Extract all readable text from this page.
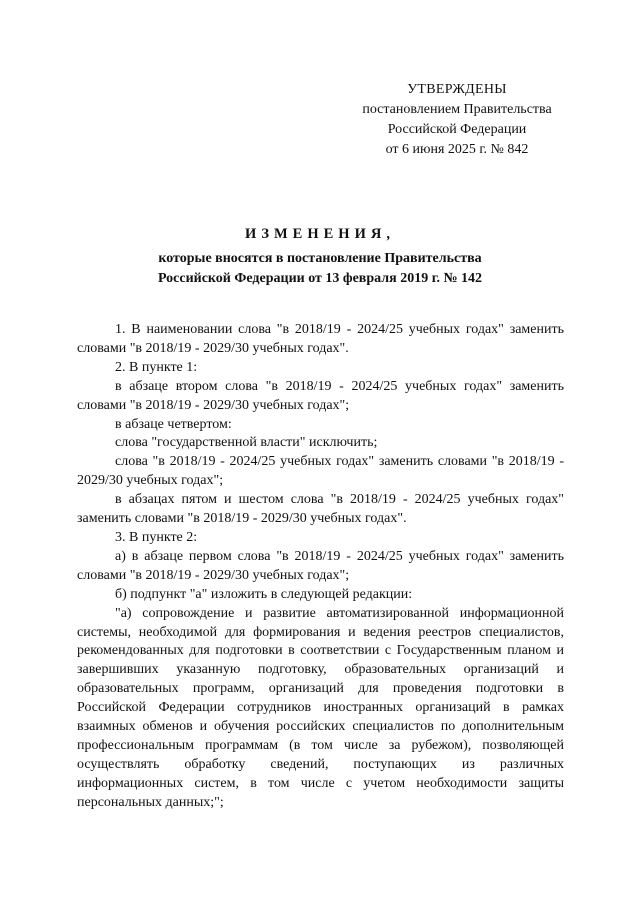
УТВЕРЖДЕНЫ
постановлением Правительства
Российской Федерации
от 6 июня 2025 г. № 842
ИЗМЕНЕНИЯ,
которые вносятся в постановление Правительства
Российской Федерации от 13 февраля 2019 г. № 142

1. В наименовании слова "в 2018/19 - 2024/25 учебных годах" заменить словами "в 2018/19 - 2029/30 учебных годах".

2. В пункте 1:

в абзаце втором слова "в 2018/19 - 2024/25 учебных годах" заменить словами "в 2018/19 - 2029/30 учебных годах";

в абзаце четвертом:

слова "государственной власти" исключить;

слова "в 2018/19 - 2024/25 учебных годах" заменить словами "в 2018/19 - 2029/30 учебных годах";

в абзацах пятом и шестом слова "в 2018/19 - 2024/25 учебных годах" заменить словами "в 2018/19 - 2029/30 учебных годах".

3. В пункте 2:

а) в абзаце первом слова "в 2018/19 - 2024/25 учебных годах" заменить словами "в 2018/19 - 2029/30 учебных годах";

б) подпункт "а" изложить в следующей редакции:

"а) сопровождение и развитие автоматизированной информационной системы, необходимой для формирования и ведения реестров специалистов, рекомендованных для подготовки в соответствии с Государственным планом и завершивших указанную подготовку, образовательных организаций и образовательных программ, организаций для проведения подготовки в Российской Федерации сотрудников иностранных организаций в рамках взаимных обменов и обучения российских специалистов по дополнительным профессиональным программам (в том числе за рубежом), позволяющей осуществлять обработку сведений, поступающих из различных информационных систем, в том числе с учетом необходимости защиты персональных данных;";
